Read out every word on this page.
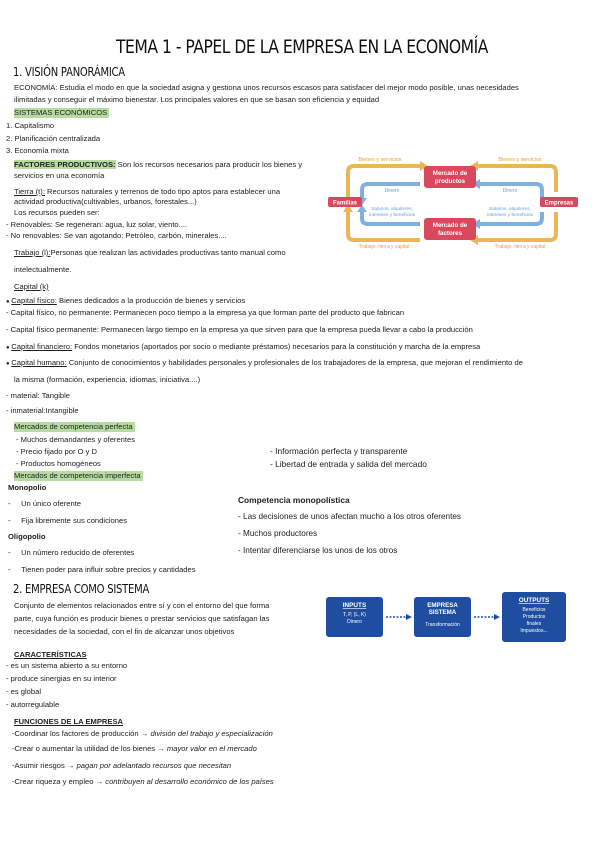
TEMA 1 - PAPEL DE LA EMPRESA EN LA ECONOMÍA
1. VISIÓN PANORÁMICA
ECONOMÍA: Estudia el modo en que la sociedad asigna y gestiona unos recursos escasos para satisfacer del mejor modo posible, unas necesidades
ilimitadas y conseguir el máximo bienestar. Los principales valores en que se basan son eficiencia y equidad
SISTEMAS ECONÓMICOS
1. Capitalismo
2. Planificación centralizada
3. Economía mixta
FACTORES PRODUCTIVOS: Son los recursos necesarios para producir los bienes y
servicios en una economía
Tierra (t): Recursos naturales y terrenos de todo tipo aptos para establecer una
actividad productiva(cultivables, urbanos, forestales...)
Los recursos pueden ser:
- Renovables: Se regeneran: agua, luz solar, viento....
- No renovables: Se van agotando: Petróleo, carbón, minerales....
Trabajo (l):Personas que realizan las actividades productivas tanto manual como
intelectualmente.
Capital (k)
● Capital físico: Bienes dedicados a la producción de bienes y servicios
- Capital físico, no permanente: Permanecen poco tiempo a la empresa ya que forman parte del producto que fabrican
- Capital físico permanente: Permanecen largo tiempo en la empresa ya que sirven para que la empresa pueda llevar a cabo la producción
● Capital financiero: Fondos monetarios (aportados por socio o mediante préstamos) necesarios para la constitución y marcha de la empresa
● Capital humano: Conjunto de conocimientos y habilidades personales y profesionales de los trabajadores de la empresa, que mejoran el rendimiento de
la misma (formación, experiencia, idiomas, iniciativa....)
- material: Tangible
- inmaterial:Intangible
Mercados de competencia perfecta
- Muchos demandantes y oferentes
- Precio fijado por O y D
- Productos homogéneos
- Información perfecta y transparente
- Libertad de entrada y salida del mercado
Mercados de competencia imperfecta
Monopolio
-     Un único oferente
-     Fija libremente sus condiciones
Oligopolio
-     Un número reducido de oferentes
-     Tienen poder para influir sobre precios y cantidades
Competencia monopolística
- Las decisiones de unos afectan mucho a los otros oferentes
- Muchos productores
- Intentar diferenciarse los unos de los otros
Mercado de
productos
Mercado de
factores
Familias	Empresas
Bienes y servicios	Bienes y servicios
Dinero	Dinero
Salarios, alquileres,
intereses y beneficios
Salarios, alquileres,
intereses y beneficios
Trabajo, tierra y capital	Trabajo, tierra y capital
2. EMPRESA COMO SISTEMA
Conjunto de elementos relacionados entre sí y con el entorno del que forma
parte, cuya función es producir bienes o prestar servicios que satisfagan las
necesidades de la sociedad, con el fin de alcanzar unos objetivos
CARACTERÍSTICAS
- es un sistema abierto a su entorno
- produce sinergias en su interior
- es global
- autorregulable
FUNCIONES DE LA EMPRESA
-Coordinar los factores de producción → división del trabajo y especialización
-Crear o aumentar la utilidad de los bienes → mayor valor en el mercado
-Asumir riesgos → pagan por adelantado recursos que necesitan
-Crear riqueza y empleo → contribuyen al desarrollo económico de los países
INPUTS
T, P, (L, K)
Dinero
EMPRESA
SISTEMA
Transformación
OUTPUTS
Beneficios
Productos
finales
Impuestos...
